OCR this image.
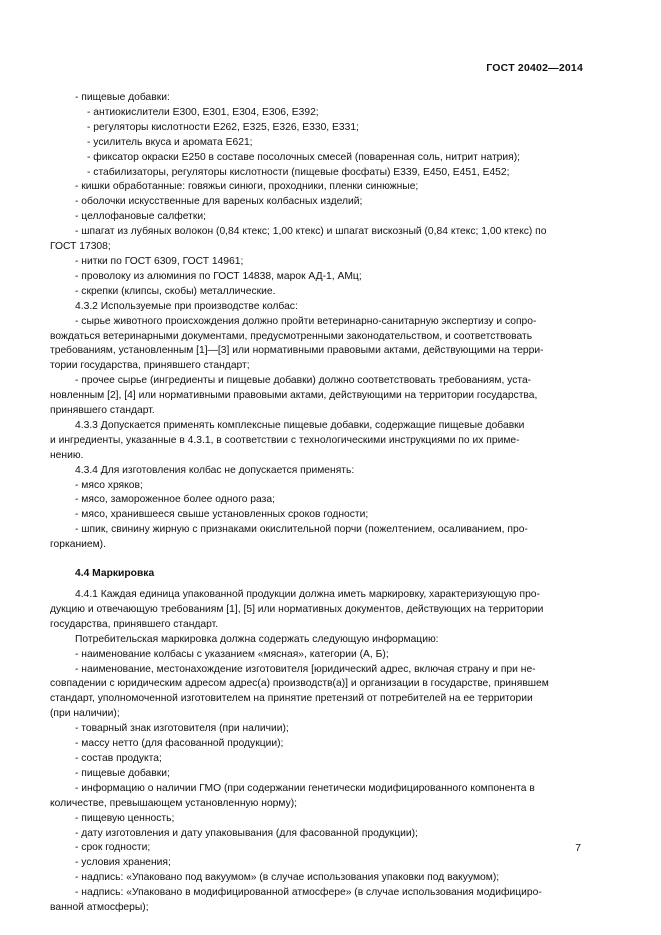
ГОСТ 20402—2014

- пищевые добавки:

- антиокислители Е300, Е301, Е304, Е306, Е392;

- регуляторы кислотности Е262, Е325, Е326, Е330, Е331;

- усилитель вкуса и аромата Е621;

- фиксатор окраски Е250 в составе посолочных смесей (поваренная соль, нитрит натрия);

- стабилизаторы, регуляторы кислотности (пищевые фосфаты) Е339, Е450, Е451, Е452;

- кишки обработанные: говяжьи синюги, проходники, пленки синюжные;

- оболочки искусственные для вареных колбасных изделий;

- целлофановые салфетки;

- шпагат из лубяных волокон (0,84 ктекс; 1,00 ктекс) и шпагат вискозный (0,84 ктекс; 1,00 ктекс) по

ГОСТ 17308;

- нитки по ГОСТ 6309, ГОСТ 14961;

- проволоку из алюминия по ГОСТ 14838, марок АД-1, АМц;

- скрепки (клипсы, скобы) металлические.

4.3.2 Используемые при производстве колбас:

- сырье животного происхождения должно пройти ветеринарно-санитарную экспертизу и сопро-

вождаться ветеринарными документами, предусмотренными законодательством, и соответствовать

требованиям, установленным [1]—[3] или нормативными правовыми актами, действующими на терри-

тории государства, принявшего стандарт;

- прочее сырье (ингредиенты и пищевые добавки) должно соответствовать требованиям, уста-

новленным [2], [4] или нормативными правовыми актами, действующими на территории государства,

принявшего стандарт.

4.3.3 Допускается применять комплексные пищевые добавки, содержащие пищевые добавки

и ингредиенты, указанные в 4.3.1, в соответствии с технологическими инструкциями по их приме-

нению.

4.3.4 Для изготовления колбас не допускается применять:

- мясо хряков;

- мясо, замороженное более одного раза;

- мясо, хранившееся свыше установленных сроков годности;

- шпик, свинину жирную с признаками окислительной порчи (пожелтением, осаливанием, про-

горканием).

4.4 Маркировка

4.4.1 Каждая единица упакованной продукции должна иметь маркировку, характеризующую про-

дукцию и отвечающую требованиям [1], [5] или нормативных документов, действующих на территории

государства, принявшего стандарт.

Потребительская маркировка должна содержать следующую информацию:

- наименование колбасы с указанием «мясная», категории (А, Б);

- наименование, местонахождение изготовителя [юридический адрес, включая страну и при не-

совпадении с юридическим адресом адрес(а) производств(а)] и организации в государстве, принявшем

стандарт, уполномоченной изготовителем на принятие претензий от потребителей на ее территории

(при наличии);

- товарный знак изготовителя (при наличии);

- массу нетто (для фасованной продукции);

- состав продукта;

- пищевые добавки;

- информацию о наличии ГМО (при содержании генетически модифицированного компонента в

количестве, превышающем установленную норму);

- пищевую ценность;

- дату изготовления и дату упаковывания (для фасованной продукции);

- срок годности;

- условия хранения;

- надпись: «Упаковано под вакуумом» (в случае использования упаковки под вакуумом);

- надпись: «Упаковано в модифицированной атмосфере» (в случае использования модифициро-

ванной атмосферы);

7
